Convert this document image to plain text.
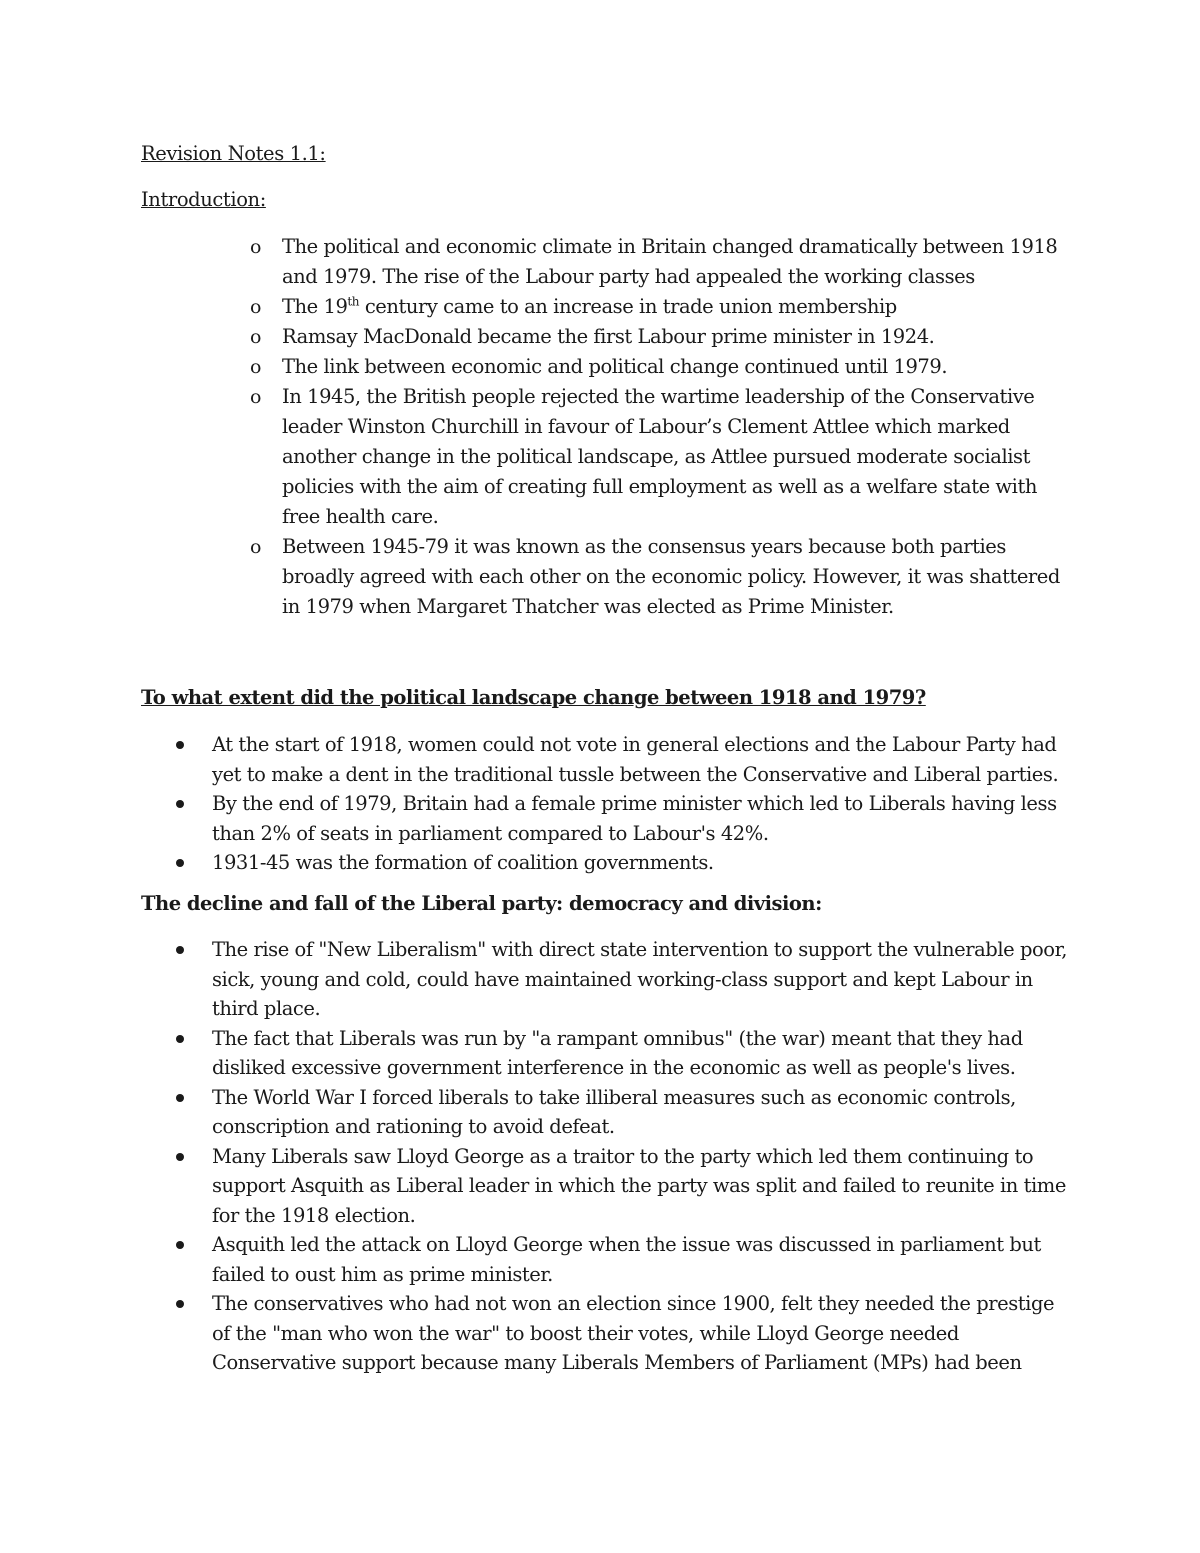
Revision Notes 1.1:
Introduction:
o The political and economic climate in Britain changed dramatically between 1918 and 1979. The rise of the Labour party had appealed the working classes
o The 19th century came to an increase in trade union membership
o Ramsay MacDonald became the first Labour prime minister in 1924.
o The link between economic and political change continued until 1979.
o In 1945, the British people rejected the wartime leadership of the Conservative leader Winston Churchill in favour of Labour’s Clement Attlee which marked another change in the political landscape, as Attlee pursued moderate socialist policies with the aim of creating full employment as well as a welfare state with free health care.
o Between 1945-79 it was known as the consensus years because both parties broadly agreed with each other on the economic policy. However, it was shattered in 1979 when Margaret Thatcher was elected as Prime Minister.
To what extent did the political landscape change between 1918 and 1979?
At the start of 1918, women could not vote in general elections and the Labour Party had yet to make a dent in the traditional tussle between the Conservative and Liberal parties.
By the end of 1979, Britain had a female prime minister which led to Liberals having less than 2% of seats in parliament compared to Labour's 42%.
1931-45 was the formation of coalition governments.
The decline and fall of the Liberal party: democracy and division:
The rise of "New Liberalism" with direct state intervention to support the vulnerable poor, sick, young and cold, could have maintained working-class support and kept Labour in third place.
The fact that Liberals was run by "a rampant omnibus" (the war) meant that they had disliked excessive government interference in the economic as well as people's lives.
The World War I forced liberals to take illiberal measures such as economic controls, conscription and rationing to avoid defeat.
Many Liberals saw Lloyd George as a traitor to the party which led them continuing to support Asquith as Liberal leader in which the party was split and failed to reunite in time for the 1918 election.
Asquith led the attack on Lloyd George when the issue was discussed in parliament but failed to oust him as prime minister.
The conservatives who had not won an election since 1900, felt they needed the prestige of the "man who won the war" to boost their votes, while Lloyd George needed Conservative support because many Liberals Members of Parliament (MPs) had been
